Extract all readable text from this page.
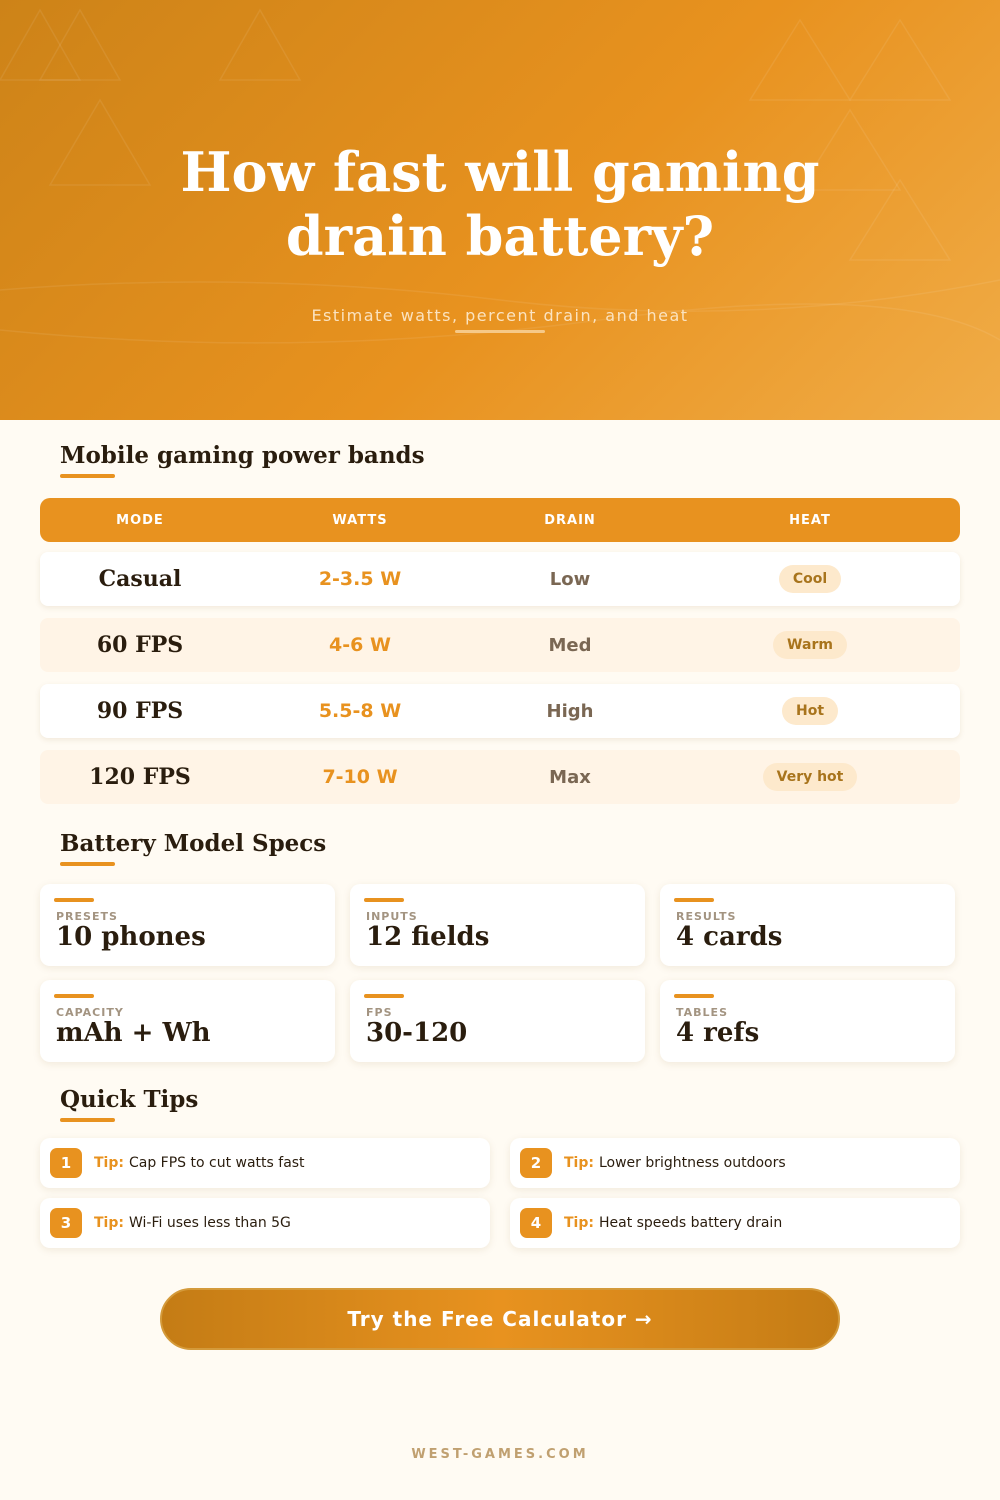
How fast will gaming
drain battery?
Estimate watts, percent drain, and heat
Mobile gaming power bands
MODE	WATTS	DRAIN	HEAT
Casual	2-3.5 W	Low	Cool
60 FPS	4-6 W	Med	Warm
90 FPS	5.5-8 W	High	Hot
120 FPS	7-10 W	Max	Very hot
Battery Model Specs
PRESETS
10 phones
INPUTS
12 fields
RESULTS
4 cards
CAPACITY
mAh + Wh
FPS
30-120
TABLES
4 refs
Quick Tips
1	Tip: Cap FPS to cut watts fast	2	Tip: Lower brightness outdoors
3	Tip: Wi-Fi uses less than 5G	4	Tip: Heat speeds battery drain
Try the Free Calculator →
WEST-GAMES.COM
